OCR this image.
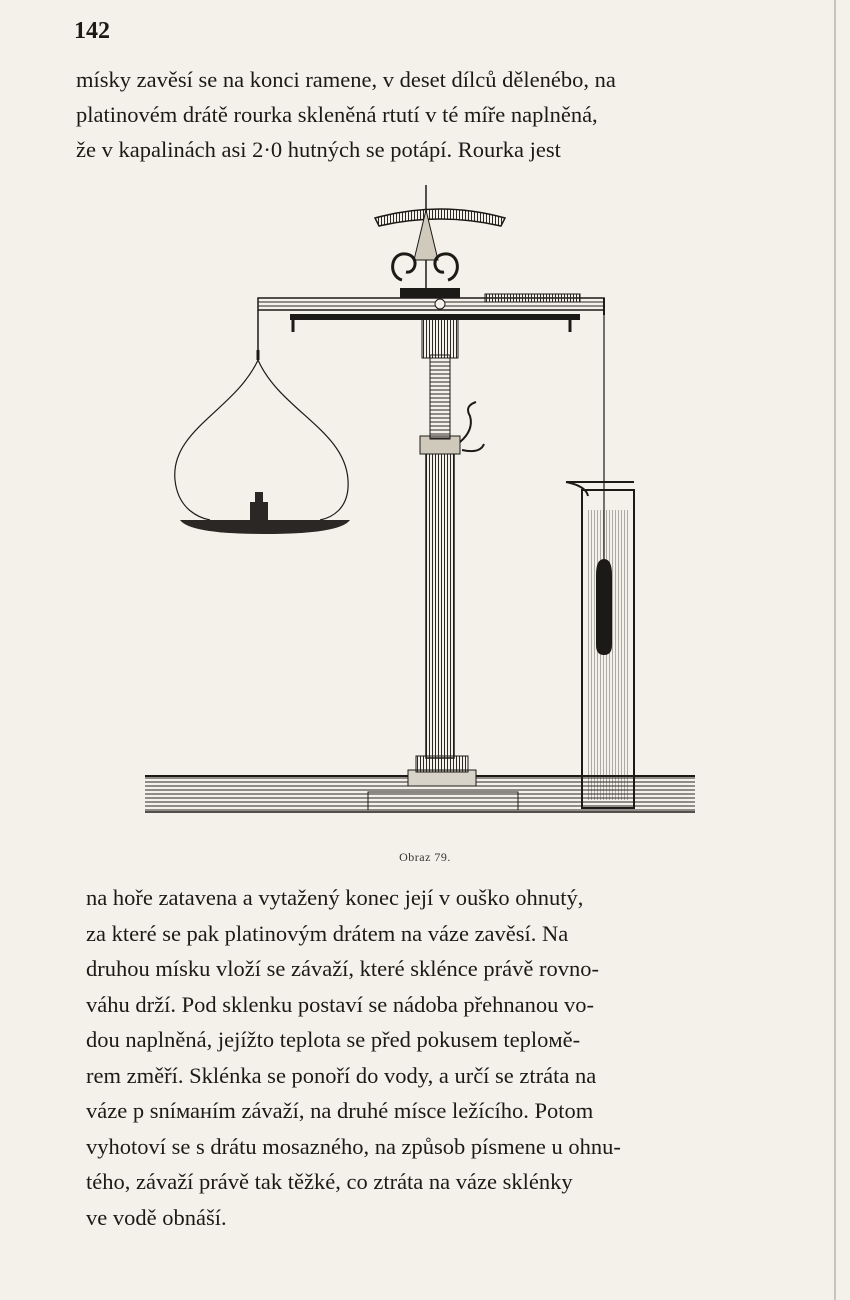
142

mísky zavěsí se na konci ramene, v deset dílců dělenébo, na
platinovém drátě rourka skleněná rtutí v té míře naplněná,
že v kapalinách asi 2·0 hutných se potápí. Rourka jest

Obraz 79.

na hoře zatavena a vytažený konec její v ouško ohnutý,
za které se pak platinovým drátem na váze zavěsí. Na
druhou mísku vloží se závaží, které sklénce právě rovno-
váhu drží. Pod sklenku postaví se nádoba přehnanou vo-
dou naplněná, jejížto teplota se před pokusem teploмě-
rem změří. Sklénka se ponoří do vody, a určí se ztráta na
váze p sníманím závaží, na druhé mísce ležícího. Potom
vyhotoví se s drátu mosazného, na způsob písmene u ohnu-
tého, závaží právě tak těžké, co ztráta na váze sklénky
ve vodě obnáší.
